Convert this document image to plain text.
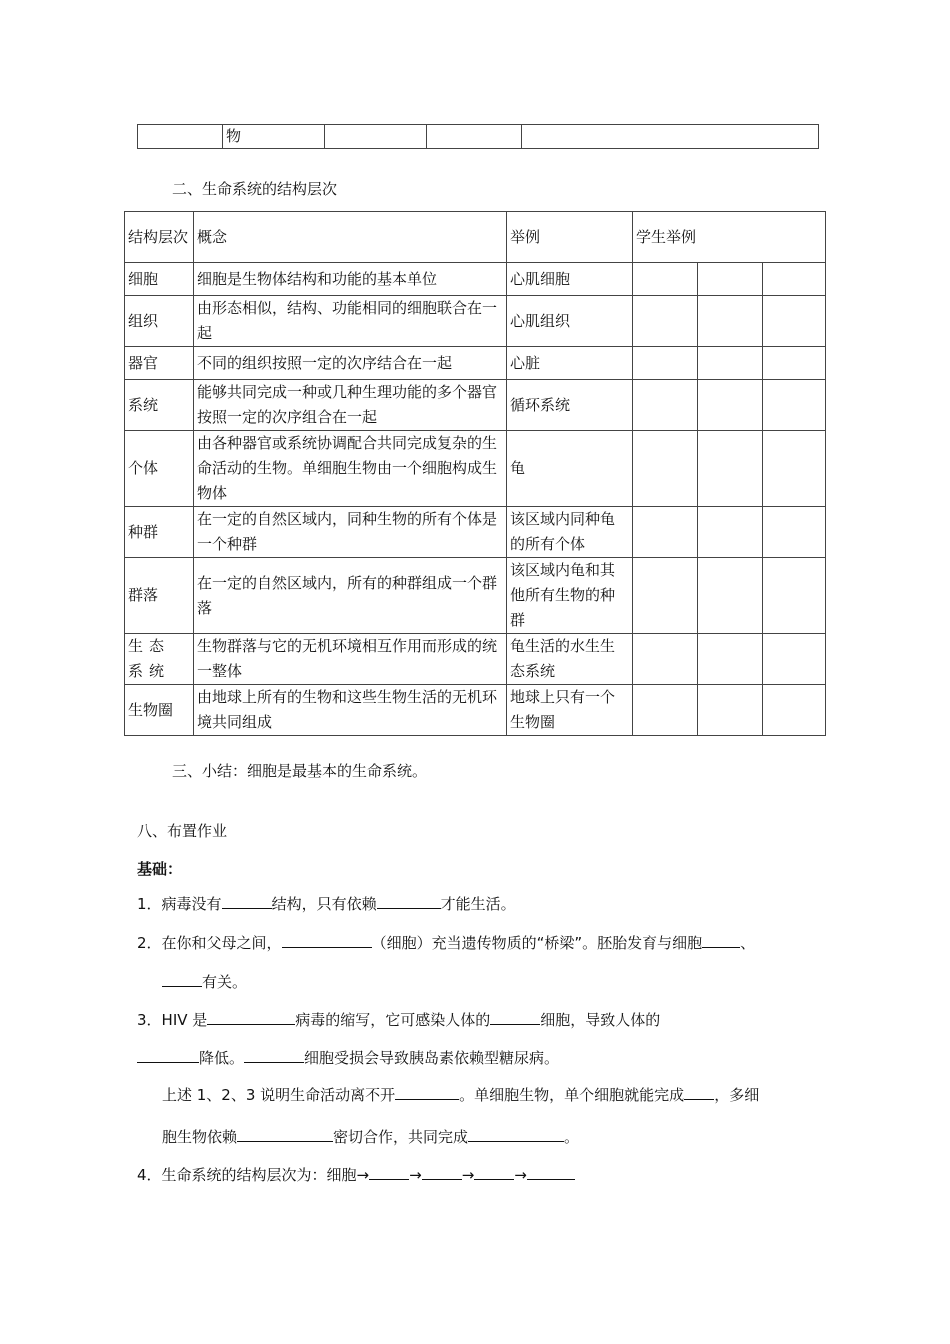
	物			
二、生命系统的结构层次
结构层次	概念	举例	学生举例		
细胞	细胞是生物体结构和功能的基本单位	心肌细胞			
组织	由形态相似，结构、功能相同的细胞联合在一起	心肌组织			
器官	不同的组织按照一定的次序结合在一起	心脏			
系统	能够共同完成一种或几种生理功能的多个器官按照一定的次序组合在一起	循环系统			
个体	由各种器官或系统协调配合共同完成复杂的生命活动的生物。单细胞生物由一个细胞构成生物体	龟			
种群	在一定的自然区域内，同种生物的所有个体是一个种群	该区域内同种龟的所有个体			
群落	在一定的自然区域内，所有的种群组成一个群落	该区域内龟和其他所有生物的种群			
生态系统	生物群落与它的无机环境相互作用而形成的统一整体	龟生活的水生生态系统			
生物圈	由地球上所有的生物和这些生物生活的无机环境共同组成	地球上只有一个生物圈			
三、小结：细胞是最基本的生命系统。
八、布置作业
基础：
1．病毒没有	结构，只有依赖	才能生活。
2．在你和父母之间，	（细胞）充当遗传物质的“桥梁”。胚胎发育与细胞	、
有关。
3．HIV 是	病毒的缩写，它可感染人体的	细胞，导致人体的
降低。	细胞受损会导致胰岛素依赖型糖尿病。
上述 1、2、3 说明生命活动离不开	。单细胞生物，单个细胞就能完成 ，多细
胞生物依赖	密切合作，共同完成	。
4．生命系统的结构层次为：细胞→	→	→	→
